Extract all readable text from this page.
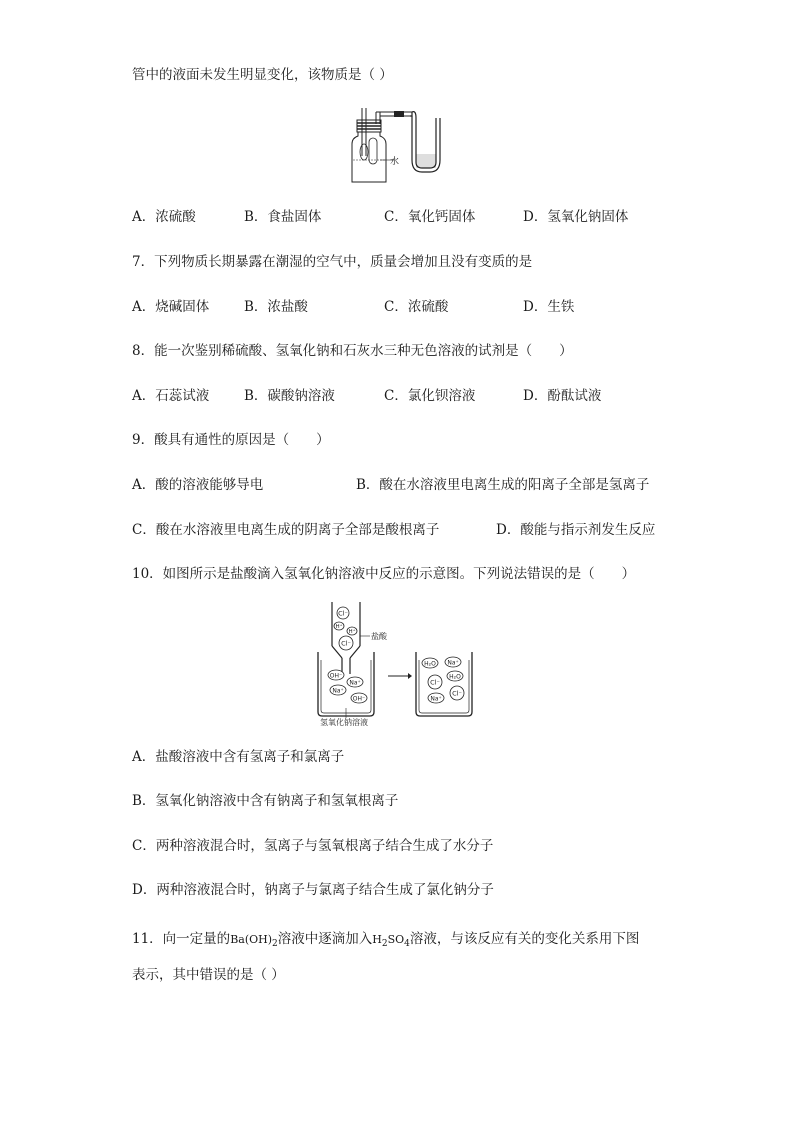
管中的液面未发生明显变化，该物质是（ ）
水
A．浓硫酸	B．食盐固体	C．氧化钙固体	D．氢氧化钠固体
7．下列物质长期暴露在潮湿的空气中，质量会增加且没有变质的是
A．烧碱固体	B．浓盐酸	C．浓硫酸	D．生铁
8．能一次鉴别稀硫酸、氢氧化钠和石灰水三种无色溶液的试剂是（　　）
A．石蕊试液	B．碳酸钠溶液	C．氯化钡溶液	D．酚酞试液
9．酸具有通性的原因是（　　）
A．酸的溶液能够导电	B．酸在水溶液里电离生成的阳离子全部是氢离子
C．酸在水溶液里电离生成的阴离子全部是酸根离子	D．酸能与指示剂发生反应
10．如图所示是盐酸滴入氢氧化钠溶液中反应的示意图。下列说法错误的是（　　）
Cl⁻
H⁺
H⁺
Cl⁻
盐酸
OH⁻
Na⁺
Na⁺
OH⁻
氢氧化钠溶液
H₂O Na⁺
H₂O
Cl⁻
Cl⁻
Na⁺
A．盐酸溶液中含有氢离子和氯离子
B．氢氧化钠溶液中含有钠离子和氢氧根离子
C．两种溶液混合时，氢离子与氢氧根离子结合生成了水分子
D．两种溶液混合时，钠离子与氯离子结合生成了氯化钠分子
11．向一定量的$Ba(OH)_2$溶液中逐滴加入$H_2SO_4$溶液，与该反应有关的变化关系用下图
表示，其中错误的是（ ）
